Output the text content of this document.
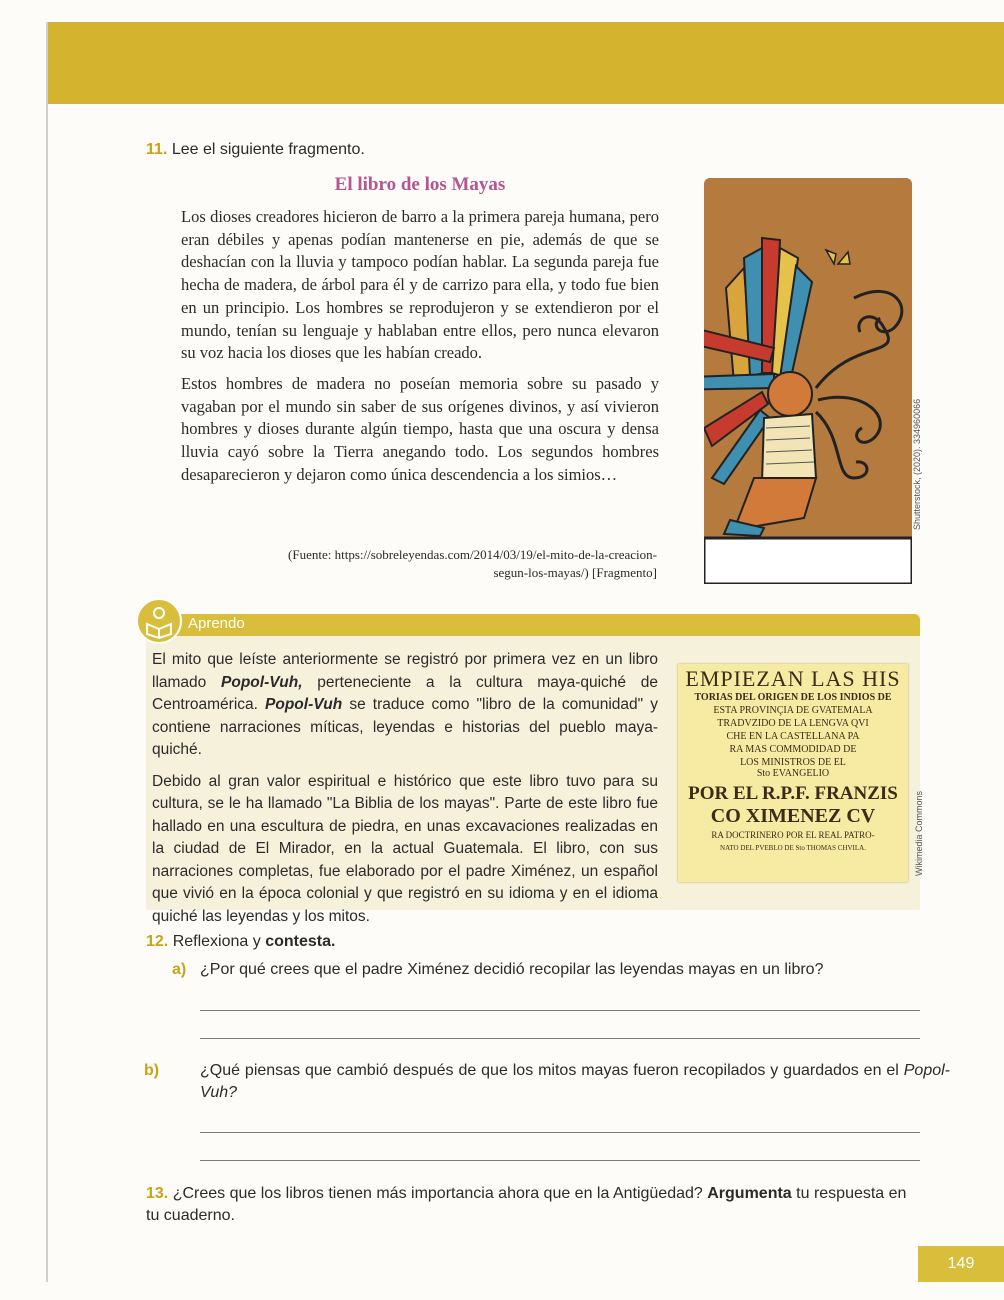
11. Lee el siguiente fragmento.
El libro de los Mayas

Los dioses creadores hicieron de barro a la primera pareja humana, pero eran débiles y apenas podían mantenerse en pie, además de que se deshacían con la lluvia y tampoco podían hablar. La segunda pareja fue hecha de madera, de árbol para él y de carrizo para ella, y todo fue bien en un principio. Los hombres se reprodujeron y se extendieron por el mundo, tenían su lenguaje y hablaban entre ellos, pero nunca elevaron su voz hacia los dioses que les habían creado.

Estos hombres de madera no poseían memoria sobre su pasado y vagaban por el mundo sin saber de sus orígenes divinos, y así vivieron hombres y dioses durante algún tiempo, hasta que una oscura y densa lluvia cayó sobre la Tierra anegando todo. Los segundos hombres desaparecieron y dejaron como única descendencia a los simios…

(Fuente: https://sobreleyendas.com/2014/03/19/el-mito-de-la-creacion-
segun-los-mayas/) [Fragmento]
Shutterstock, (2020). 334960066
Aprendo

El mito que leíste anteriormente se registró por primera vez en un libro llamado Popol-Vuh, perteneciente a la cultura maya-quiché de Centroamérica. Popol-Vuh se traduce como "libro de la comunidad" y contiene narraciones míticas, leyendas e historias del pueblo maya-quiché.

Debido al gran valor espiritual e histórico que este libro tuvo para su cultura, se le ha llamado "La Biblia de los mayas". Parte de este libro fue hallado en una escultura de piedra, en unas excavaciones realizadas en la ciudad de El Mirador, en la actual Guatemala. El libro, con sus narraciones completas, fue elaborado por el padre Ximénez, un español que vivió en la época colonial y que registró en su idioma y en el idioma quiché las leyendas y los mitos.

EMPIEZAN LAS HIS
TORIAS DEL ORIGEN DE LOS INDIOS DE
ESTA PROVINÇIA DE GVATEMALA
TRADVZIDO DE LA LENGVA QVI
CHE EN LA CASTELLANA PA
RA MAS COMMODIDAD DE
LOS MINISTROS DE EL
Sto EVANGELIO
POR EL R.P.F. FRANZIS
CO XIMENEZ CV
RA DOCTRINERO POR EL REAL PATRO-
NATO DEL PVEBLO DE Sto THOMAS CHVILA.	Wikimedia Commons
12. Reflexiona y contesta.
a) ¿Por qué crees que el padre Ximénez decidió recopilar las leyendas mayas en un libro?
b)	¿Qué piensas que cambió después de que los mitos mayas fueron recopilados y guardados en el Popol-Vuh?
13. ¿Crees que los libros tienen más importancia ahora que en la Antigüedad? Argumenta tu respuesta en tu cuaderno.
149
